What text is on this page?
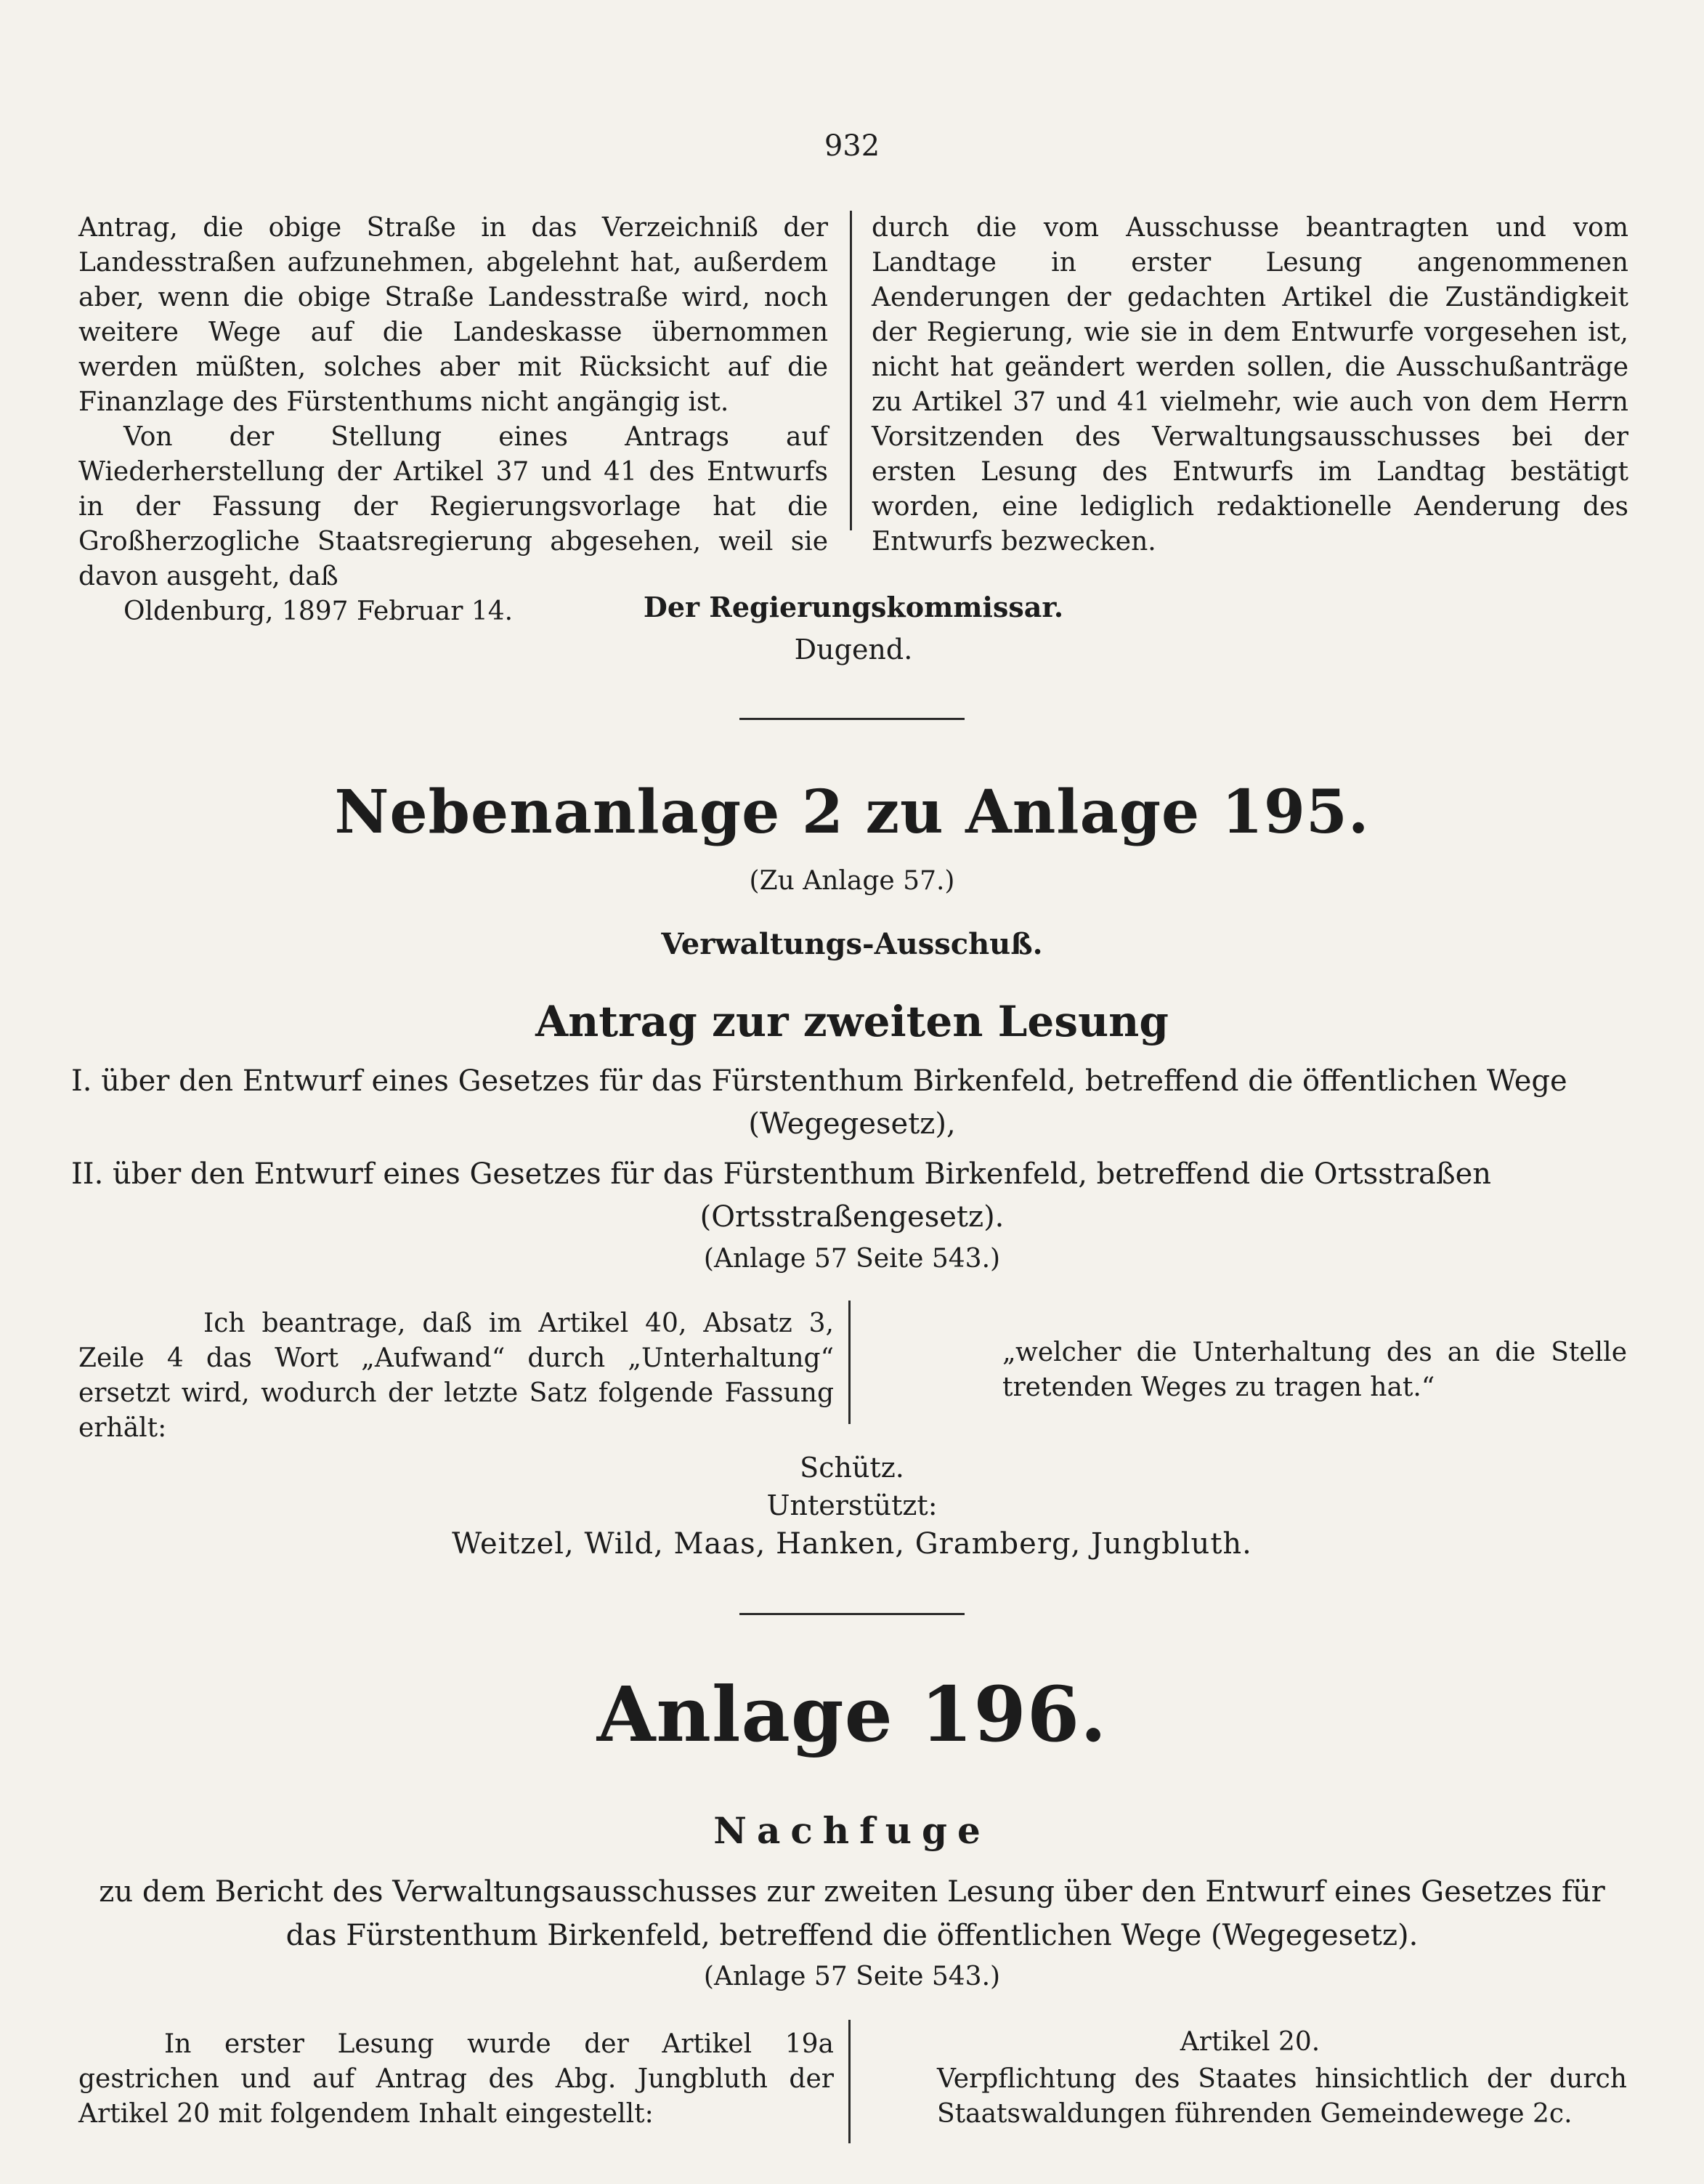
932

Antrag, die obige Straße in das Verzeichniß der Landesstraßen aufzunehmen, abgelehnt hat, außerdem aber, wenn die obige Straße Landesstraße wird, noch weitere Wege auf die Landeskasse übernommen werden müßten, solches aber mit Rücksicht auf die Finanzlage des Fürstenthums nicht angängig ist.

Von der Stellung eines Antrags auf Wiederherstellung der Artikel 37 und 41 des Entwurfs in der Fassung der Regierungsvorlage hat die Großherzogliche Staatsregierung abgesehen, weil sie davon ausgeht, daß

Oldenburg, 1897 Februar 14.

durch die vom Ausschusse beantragten und vom Landtage in erster Lesung angenommenen Aenderungen der gedachten Artikel die Zuständigkeit der Regierung, wie sie in dem Entwurfe vorgesehen ist, nicht hat geändert werden sollen, die Ausschußanträge zu Artikel 37 und 41 vielmehr, wie auch von dem Herrn Vorsitzenden des Verwaltungsausschusses bei der ersten Lesung des Entwurfs im Landtag bestätigt worden, eine lediglich redaktionelle Aenderung des Entwurfs bezwecken.

Der Regierungskommissar.
Dugend.
Nebenanlage 2 zu Anlage 195.
(Zu Anlage 57.)
Verwaltungs-Ausschuß.
Antrag zur zweiten Lesung
I. über den Entwurf eines Gesetzes für das Fürstenthum Birkenfeld, betreffend die öffentlichen Wege
(Wegegesetz),
II. über den Entwurf eines Gesetzes für das Fürstenthum Birkenfeld, betreffend die Ortsstraßen
(Ortsstraßengesetz).
(Anlage 57 Seite 543.)
Ich beantrage, daß im Artikel 40, Absatz 3, Zeile 4 das Wort „Aufwand“ durch „Unterhaltung“ ersetzt wird, wodurch der letzte Satz folgende Fassung erhält:
„welcher die Unterhaltung des an die Stelle tretenden Weges zu tragen hat.“
Schütz.
Unterstützt:
Weitzel, Wild, Maas, Hanken, Gramberg, Jungbluth.
Anlage 196.
Nachfuge
zu dem Bericht des Verwaltungsausschusses zur zweiten Lesung über den Entwurf eines Gesetzes für
das Fürstenthum Birkenfeld, betreffend die öffentlichen Wege (Wegegesetz).
(Anlage 57 Seite 543.)
In erster Lesung wurde der Artikel 19a gestrichen und auf Antrag des Abg. Jungbluth der Artikel 20 mit folgendem Inhalt eingestellt:
Artikel 20.
Verpflichtung des Staates hinsichtlich der durch Staatswaldungen führenden Gemeindewege 2c.
